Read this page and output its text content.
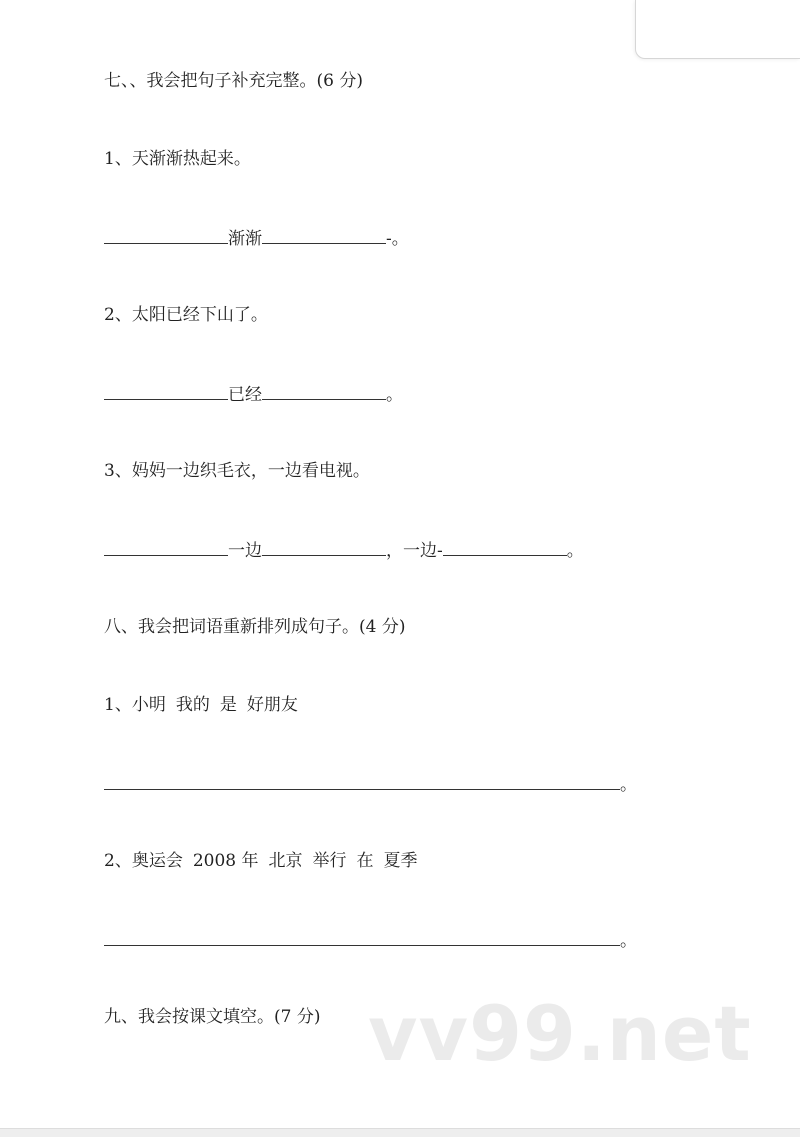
七、、我会把句子补充完整。(6 分)
1、天渐渐热起来。
渐渐	-。
2、太阳已经下山了。
已经	。
3、妈妈一边织毛衣，一边看电视。
一边	，一边-	。
八、我会把词语重新排列成句子。(4 分)
1、小明 我的 是 好朋友
。
2、奥运会 2008 年 北京 举行 在 夏季
。
九、我会按课文填空。(7 分) vv99.net
